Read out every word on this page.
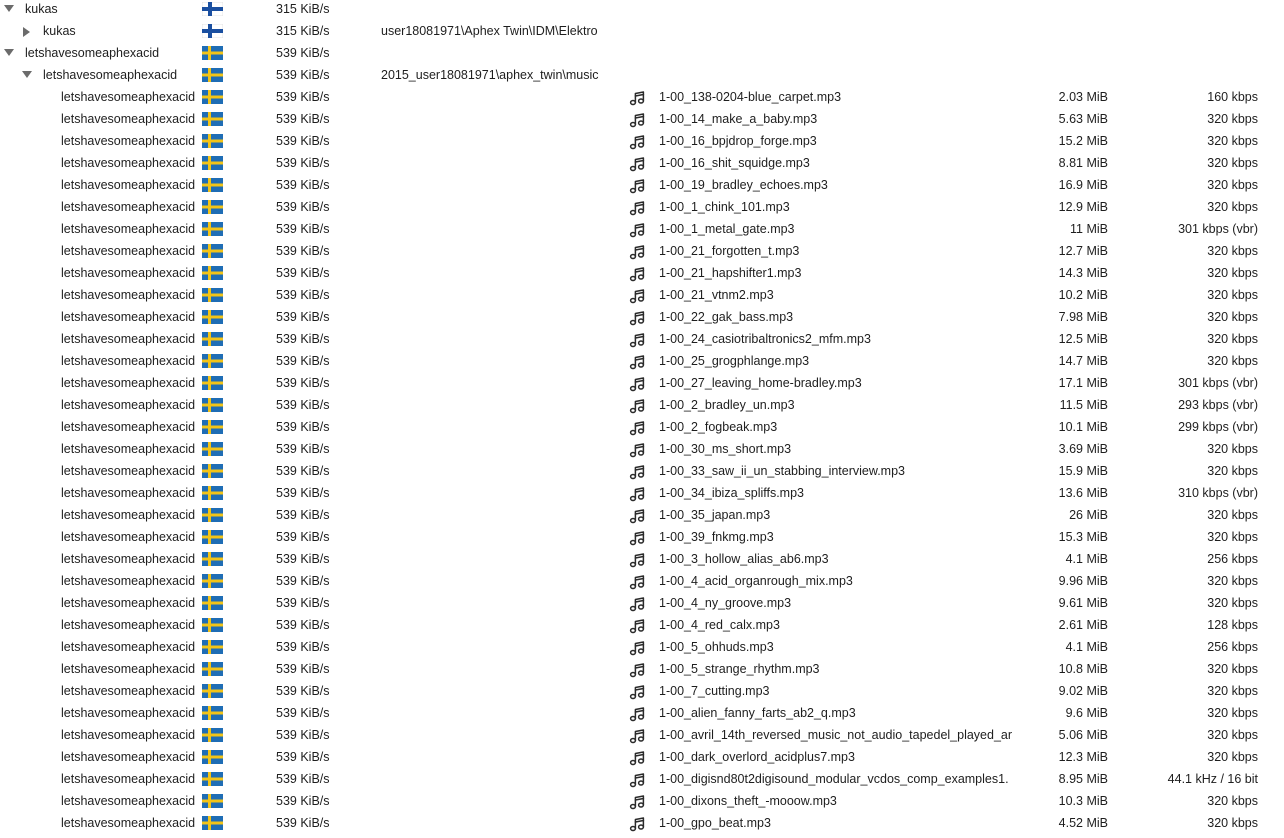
kukas	315 KiB/s
kukas	315 KiB/s	user18081971\Aphex Twin\IDM\Elektro
letshavesomeaphexacid	539 KiB/s
letshavesomeaphexacid	539 KiB/s	2015_user18081971\aphex_twin\music
letshavesomeaphexacid	539 KiB/s	1-00_138-0204-blue_carpet.mp3	2.03 MiB	160 kbps
letshavesomeaphexacid	539 KiB/s	1-00_14_make_a_baby.mp3	5.63 MiB	320 kbps
letshavesomeaphexacid	539 KiB/s	1-00_16_bpjdrop_forge.mp3	15.2 MiB	320 kbps
letshavesomeaphexacid	539 KiB/s	1-00_16_shit_squidge.mp3	8.81 MiB	320 kbps
letshavesomeaphexacid	539 KiB/s	1-00_19_bradley_echoes.mp3	16.9 MiB	320 kbps
letshavesomeaphexacid	539 KiB/s	1-00_1_chink_101.mp3	12.9 MiB	320 kbps
letshavesomeaphexacid	539 KiB/s	1-00_1_metal_gate.mp3	11 MiB	301 kbps (vbr)
letshavesomeaphexacid	539 KiB/s	1-00_21_forgotten_t.mp3	12.7 MiB	320 kbps
letshavesomeaphexacid	539 KiB/s	1-00_21_hapshifter1.mp3	14.3 MiB	320 kbps
letshavesomeaphexacid	539 KiB/s	1-00_21_vtnm2.mp3	10.2 MiB	320 kbps
letshavesomeaphexacid	539 KiB/s	1-00_22_gak_bass.mp3	7.98 MiB	320 kbps
letshavesomeaphexacid	539 KiB/s	1-00_24_casiotribaltronics2_mfm.mp3	12.5 MiB	320 kbps
letshavesomeaphexacid	539 KiB/s	1-00_25_grogphlange.mp3	14.7 MiB	320 kbps
letshavesomeaphexacid	539 KiB/s	1-00_27_leaving_home-bradley.mp3	17.1 MiB	301 kbps (vbr)
letshavesomeaphexacid	539 KiB/s	1-00_2_bradley_un.mp3	11.5 MiB	293 kbps (vbr)
letshavesomeaphexacid	539 KiB/s	1-00_2_fogbeak.mp3	10.1 MiB	299 kbps (vbr)
letshavesomeaphexacid	539 KiB/s	1-00_30_ms_short.mp3	3.69 MiB	320 kbps
letshavesomeaphexacid	539 KiB/s	1-00_33_saw_ii_un_stabbing_interview.mp3	15.9 MiB	320 kbps
letshavesomeaphexacid	539 KiB/s	1-00_34_ibiza_spliffs.mp3	13.6 MiB	310 kbps (vbr)
letshavesomeaphexacid	539 KiB/s	1-00_35_japan.mp3	26 MiB	320 kbps
letshavesomeaphexacid	539 KiB/s	1-00_39_fnkmg.mp3	15.3 MiB	320 kbps
letshavesomeaphexacid	539 KiB/s	1-00_3_hollow_alias_ab6.mp3	4.1 MiB	256 kbps
letshavesomeaphexacid	539 KiB/s	1-00_4_acid_organrough_mix.mp3	9.96 MiB	320 kbps
letshavesomeaphexacid	539 KiB/s	1-00_4_ny_groove.mp3	9.61 MiB	320 kbps
letshavesomeaphexacid	539 KiB/s	1-00_4_red_calx.mp3	2.61 MiB	128 kbps
letshavesomeaphexacid	539 KiB/s	1-00_5_ohhuds.mp3	4.1 MiB	256 kbps
letshavesomeaphexacid	539 KiB/s	1-00_5_strange_rhythm.mp3	10.8 MiB	320 kbps
letshavesomeaphexacid	539 KiB/s	1-00_7_cutting.mp3	9.02 MiB	320 kbps
letshavesomeaphexacid	539 KiB/s	1-00_alien_fanny_farts_ab2_q.mp3	9.6 MiB	320 kbps
letshavesomeaphexacid	539 KiB/s	1-00_avril_14th_reversed_music_not_audio_tapedel_played_ar	5.06 MiB	320 kbps
letshavesomeaphexacid	539 KiB/s	1-00_dark_overlord_acidplus7.mp3	12.3 MiB	320 kbps
letshavesomeaphexacid	539 KiB/s	1-00_digisnd80t2digisound_modular_vcdos_comp_examples1.	8.95 MiB	44.1 kHz / 16 bit
letshavesomeaphexacid	539 KiB/s	1-00_dixons_theft_-mooow.mp3	10.3 MiB	320 kbps
letshavesomeaphexacid	539 KiB/s	1-00_gpo_beat.mp3	4.52 MiB	320 kbps
